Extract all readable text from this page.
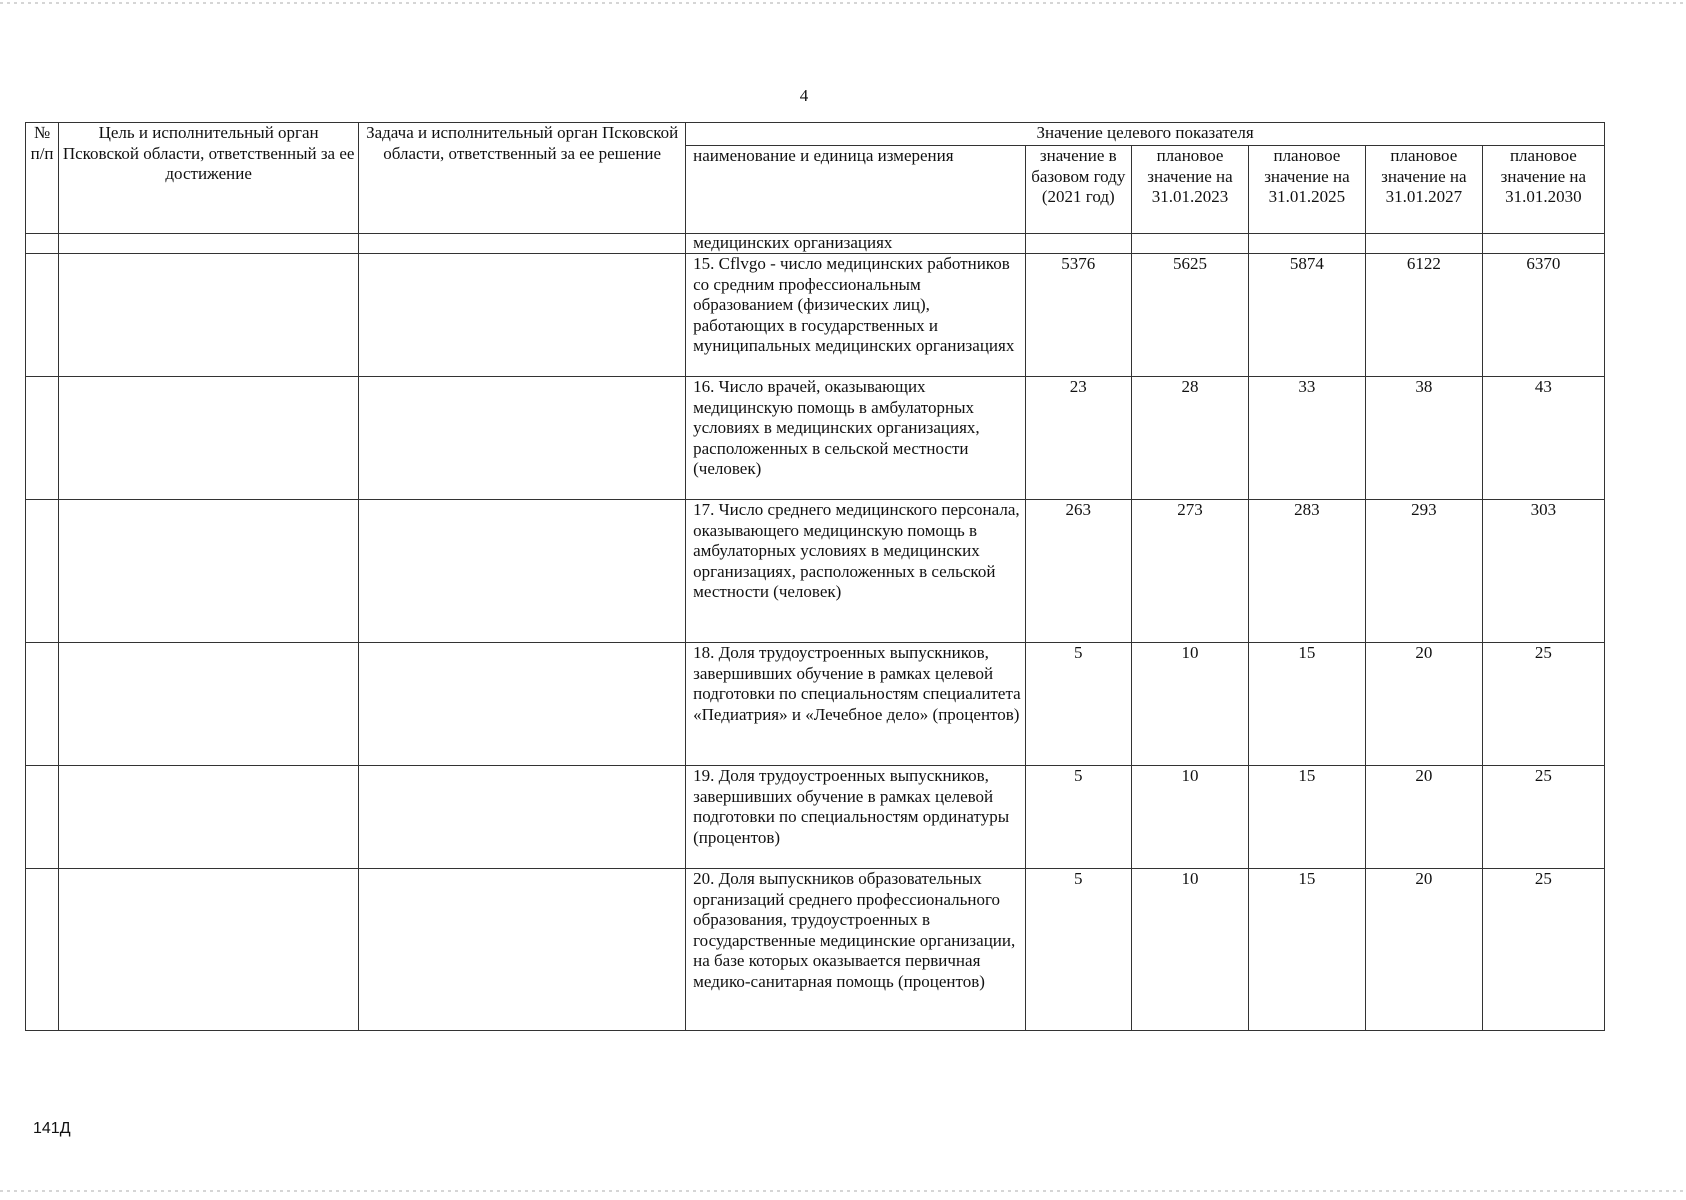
4
№ п/п	Цель и исполнительный орган Псковской области, ответственный за ее достижение	Задача и исполнительный орган Псковской области, ответственный за ее решение	Значение целевого показателя					
			наименование и единица измерения	значение в базовом году (2021 год)	плановое значение на 31.01.2023	плановое значение на 31.01.2025	плановое значение на 31.01.2027	плановое значение на 31.01.2030
			медицинских организациях					
			15. Cflvgo - число медицинских работников со средним профессиональным образованием (физических лиц), работающих в государственных и муниципальных медицинских организациях	5376	5625	5874	6122	6370
			16. Число врачей, оказывающих медицинскую помощь в амбулаторных условиях в медицинских организациях, расположенных в сельской местности (человек)	23	28	33	38	43
			17. Число среднего медицинского персонала, оказывающего медицинскую помощь в амбулаторных условиях в медицинских организациях, расположенных в сельской местности (человек)	263	273	283	293	303
			18. Доля трудоустроенных выпускников, завершивших обучение в рамках целевой подготовки по специальностям специалитета «Педиатрия» и «Лечебное дело» (процентов)	5	10	15	20	25
			19. Доля трудоустроенных выпускников, завершивших обучение в рамках целевой подготовки по специальностям ординатуры (процентов)	5	10	15	20	25
			20. Доля выпускников образовательных организаций среднего профессионального образования, трудоустроенных в государственные медицинские организации, на базе которых оказывается первичная медико-санитарная помощь (процентов)	5	10	15	20	25
141Д
